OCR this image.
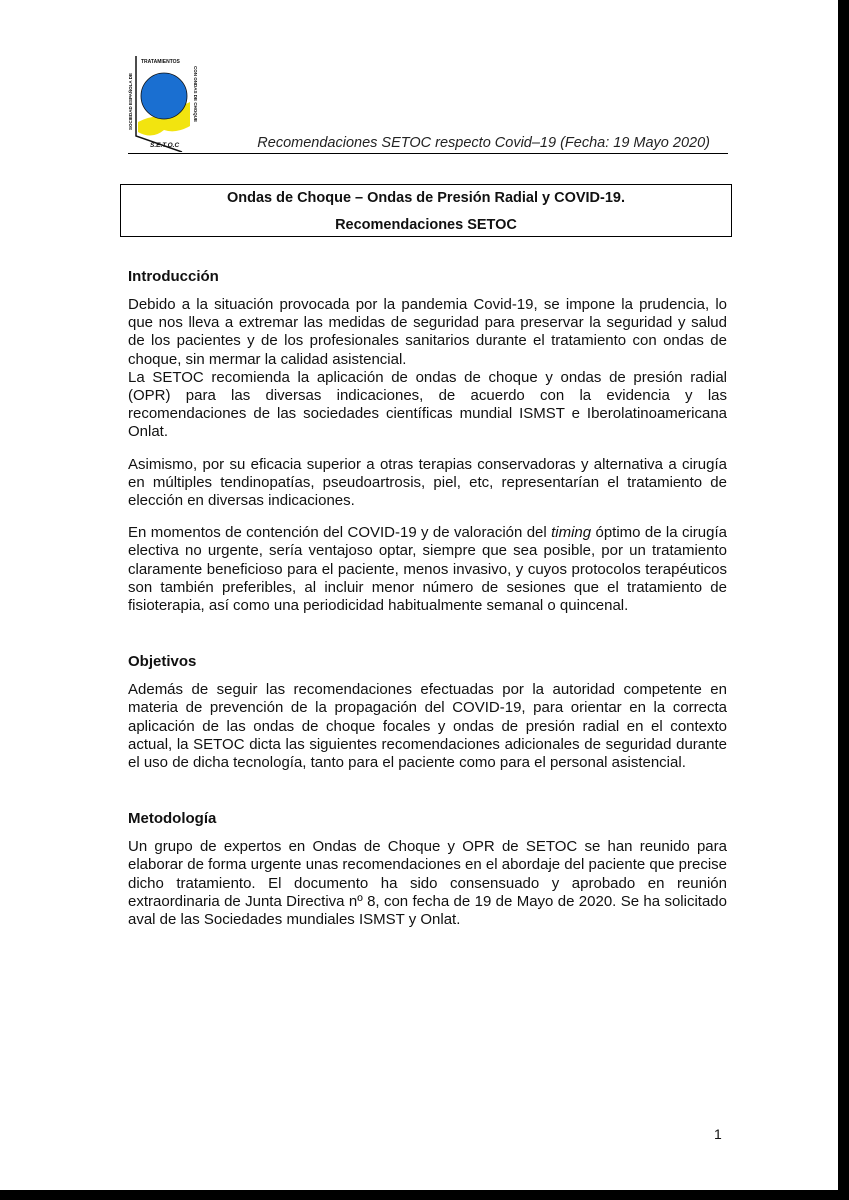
TRATAMIENTOS
SOCIEDAD ESPAÑOLA DE	CON ONDAS DE CHOQUE
S.E.T.O.C	Recomendaciones SETOC respecto Covid–19 (Fecha: 19 Mayo 2020)
Ondas de Choque – Ondas de Presión Radial y COVID-19.
Recomendaciones SETOC
Introducción

Debido a la situación provocada por la pandemia Covid-19, se impone la prudencia, lo que nos lleva a extremar las medidas de seguridad para preservar la seguridad y salud de los pacientes y de los profesionales sanitarios durante el tratamiento con ondas de choque, sin mermar la calidad asistencial.

La SETOC recomienda la aplicación de ondas de choque y ondas de presión radial (OPR) para las diversas indicaciones, de acuerdo con la evidencia y las recomendaciones de las sociedades científicas mundial ISMST e Iberolatinoamericana Onlat.

Asimismo, por su eficacia superior a otras terapias conservadoras y alternativa a cirugía en múltiples tendinopatías, pseudoartrosis, piel, etc, representarían el tratamiento de elección en diversas indicaciones.

En momentos de contención del COVID-19 y de valoración del timing óptimo de la cirugía electiva no urgente, sería ventajoso optar, siempre que sea posible, por un tratamiento claramente beneficioso para el paciente, menos invasivo, y cuyos protocolos terapéuticos son también preferibles, al incluir menor número de sesiones que el tratamiento de fisioterapia, así como una periodicidad habitualmente semanal o quincenal.

Objetivos

Además de seguir las recomendaciones efectuadas por la autoridad competente en materia de prevención de la propagación del COVID-19, para orientar en la correcta aplicación de las ondas de choque focales y ondas de presión radial en el contexto actual, la SETOC dicta las siguientes recomendaciones adicionales de seguridad durante el uso de dicha tecnología, tanto para el paciente como para el personal asistencial.

Metodología

Un grupo de expertos en Ondas de Choque y OPR de SETOC se han reunido para elaborar de forma urgente unas recomendaciones en el abordaje del paciente que precise dicho tratamiento. El documento ha sido consensuado y aprobado en reunión extraordinaria de Junta Directiva nº 8, con fecha de 19 de Mayo de 2020. Se ha solicitado aval de las Sociedades mundiales ISMST y Onlat.

1
